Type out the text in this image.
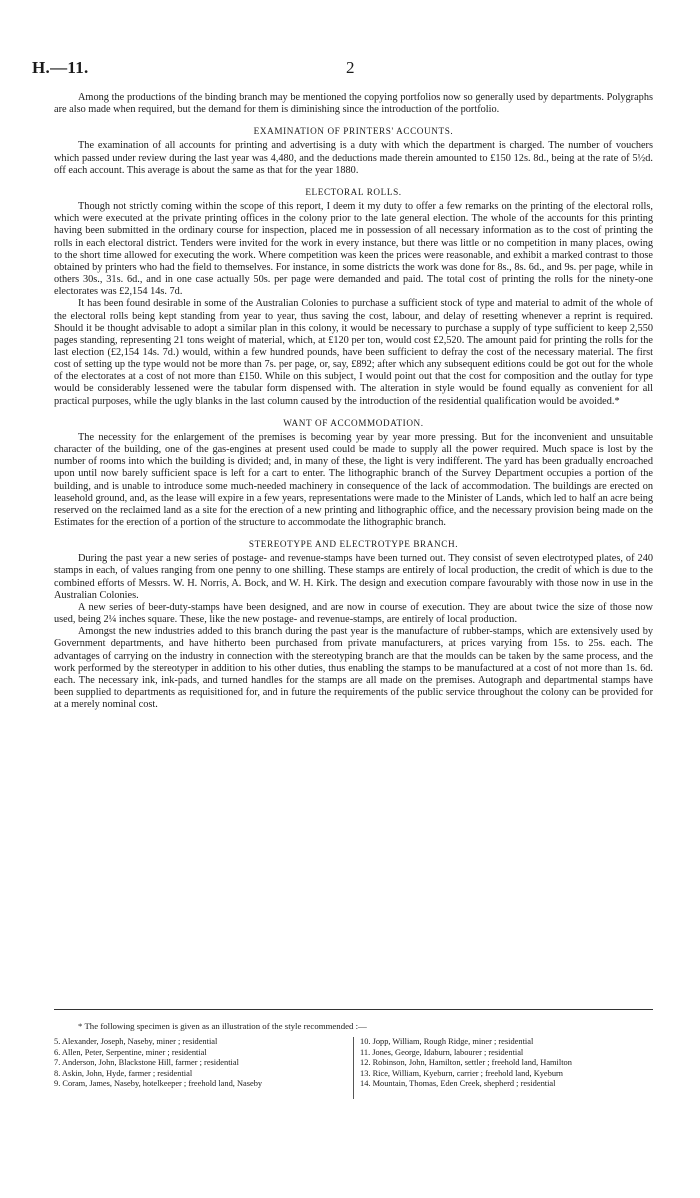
H.—11.	2

Among the productions of the binding branch may be mentioned the copying portfolios now so generally used by departments. Polygraphs are also made when required, but the demand for them is diminishing since the introduction of the portfolio.

EXAMINATION OF PRINTERS' ACCOUNTS.

The examination of all accounts for printing and advertising is a duty with which the department is charged. The number of vouchers which passed under review during the last year was 4,480, and the deductions made therein amounted to £150 12s. 8d., being at the rate of 5½d. off each account. This average is about the same as that for the year 1880.

ELECTORAL ROLLS.

Though not strictly coming within the scope of this report, I deem it my duty to offer a few remarks on the printing of the electoral rolls, which were executed at the private printing offices in the colony prior to the late general election. The whole of the accounts for this printing having been submitted in the ordinary course for inspection, placed me in possession of all necessary information as to the cost of printing the rolls in each electoral district. Tenders were invited for the work in every instance, but there was little or no competition in many places, owing to the short time allowed for executing the work. Where competition was keen the prices were reasonable, and exhibit a marked contrast to those obtained by printers who had the field to themselves. For instance, in some districts the work was done for 8s., 8s. 6d., and 9s. per page, while in others 30s., 31s. 6d., and in one case actually 50s. per page were demanded and paid. The total cost of printing the rolls for the ninety-one electorates was £2,154 14s. 7d.

It has been found desirable in some of the Australian Colonies to purchase a sufficient stock of type and material to admit of the whole of the electoral rolls being kept standing from year to year, thus saving the cost, labour, and delay of resetting whenever a reprint is required. Should it be thought advisable to adopt a similar plan in this colony, it would be necessary to purchase a supply of type sufficient to keep 2,550 pages standing, representing 21 tons weight of material, which, at £120 per ton, would cost £2,520. The amount paid for printing the rolls for the last election (£2,154 14s. 7d.) would, within a few hundred pounds, have been sufficient to defray the cost of the necessary material. The first cost of setting up the type would not be more than 7s. per page, or, say, £892; after which any subsequent editions could be got out for the whole of the electorates at a cost of not more than £150. While on this subject, I would point out that the cost for composition and the outlay for type would be considerably lessened were the tabular form dispensed with. The alteration in style would be found equally as convenient for all practical purposes, while the ugly blanks in the last column caused by the introduction of the residential qualification would be avoided.*

WANT OF ACCOMMODATION.

The necessity for the enlargement of the premises is becoming year by year more pressing. But for the inconvenient and unsuitable character of the building, one of the gas-engines at present used could be made to supply all the power required. Much space is lost by the number of rooms into which the building is divided; and, in many of these, the light is very indifferent. The yard has been gradually encroached upon until now barely sufficient space is left for a cart to enter. The lithographic branch of the Survey Department occupies a portion of the building, and is unable to introduce some much-needed machinery in consequence of the lack of accommodation. The buildings are erected on leasehold ground, and, as the lease will expire in a few years, representations were made to the Minister of Lands, which led to half an acre being reserved on the reclaimed land as a site for the erection of a new printing and lithographic office, and the necessary provision being made on the Estimates for the erection of a portion of the structure to accommodate the lithographic branch.

STEREOTYPE AND ELECTROTYPE BRANCH.

During the past year a new series of postage- and revenue-stamps have been turned out. They consist of seven electrotyped plates, of 240 stamps in each, of values ranging from one penny to one shilling. These stamps are entirely of local production, the credit of which is due to the combined efforts of Messrs. W. H. Norris, A. Bock, and W. H. Kirk. The design and execution compare favourably with those now in use in the Australian Colonies.

A new series of beer-duty-stamps have been designed, and are now in course of execution. They are about twice the size of those now used, being 2¼ inches square. These, like the new postage- and revenue-stamps, are entirely of local production.

Amongst the new industries added to this branch during the past year is the manufacture of rubber-stamps, which are extensively used by Government departments, and have hitherto been purchased from private manufacturers, at prices varying from 15s. to 25s. each. The advantages of carrying on the industry in connection with the stereotyping branch are that the moulds can be taken by the same process, and the work performed by the stereotyper in addition to his other duties, thus enabling the stamps to be manufactured at a cost of not more than 1s. 6d. each. The necessary ink, ink-pads, and turned handles for the stamps are all made on the premises. Autograph and departmental stamps have been supplied to departments as requisitioned for, and in future the requirements of the public service throughout the colony can be provided for at a merely nominal cost.

* The following specimen is given as an illustration of the style recommended :—
5. Alexander, Joseph, Naseby, miner ; residential
6. Allen, Peter, Serpentine, miner ; residential
7. Anderson, John, Blackstone Hill, farmer ; residential
8. Askin, John, Hyde, farmer ; residential
9. Coram, James, Naseby, hotelkeeper ; freehold land, Naseby
10. Jopp, William, Rough Ridge, miner ; residential
11. Jones, George, Idaburn, labourer ; residential
12. Robinson, John, Hamilton, settler ; freehold land, Hamilton
13. Rice, William, Kyeburn, carrier ; freehold land, Kyeburn
14. Mountain, Thomas, Eden Creek, shepherd ; residential
